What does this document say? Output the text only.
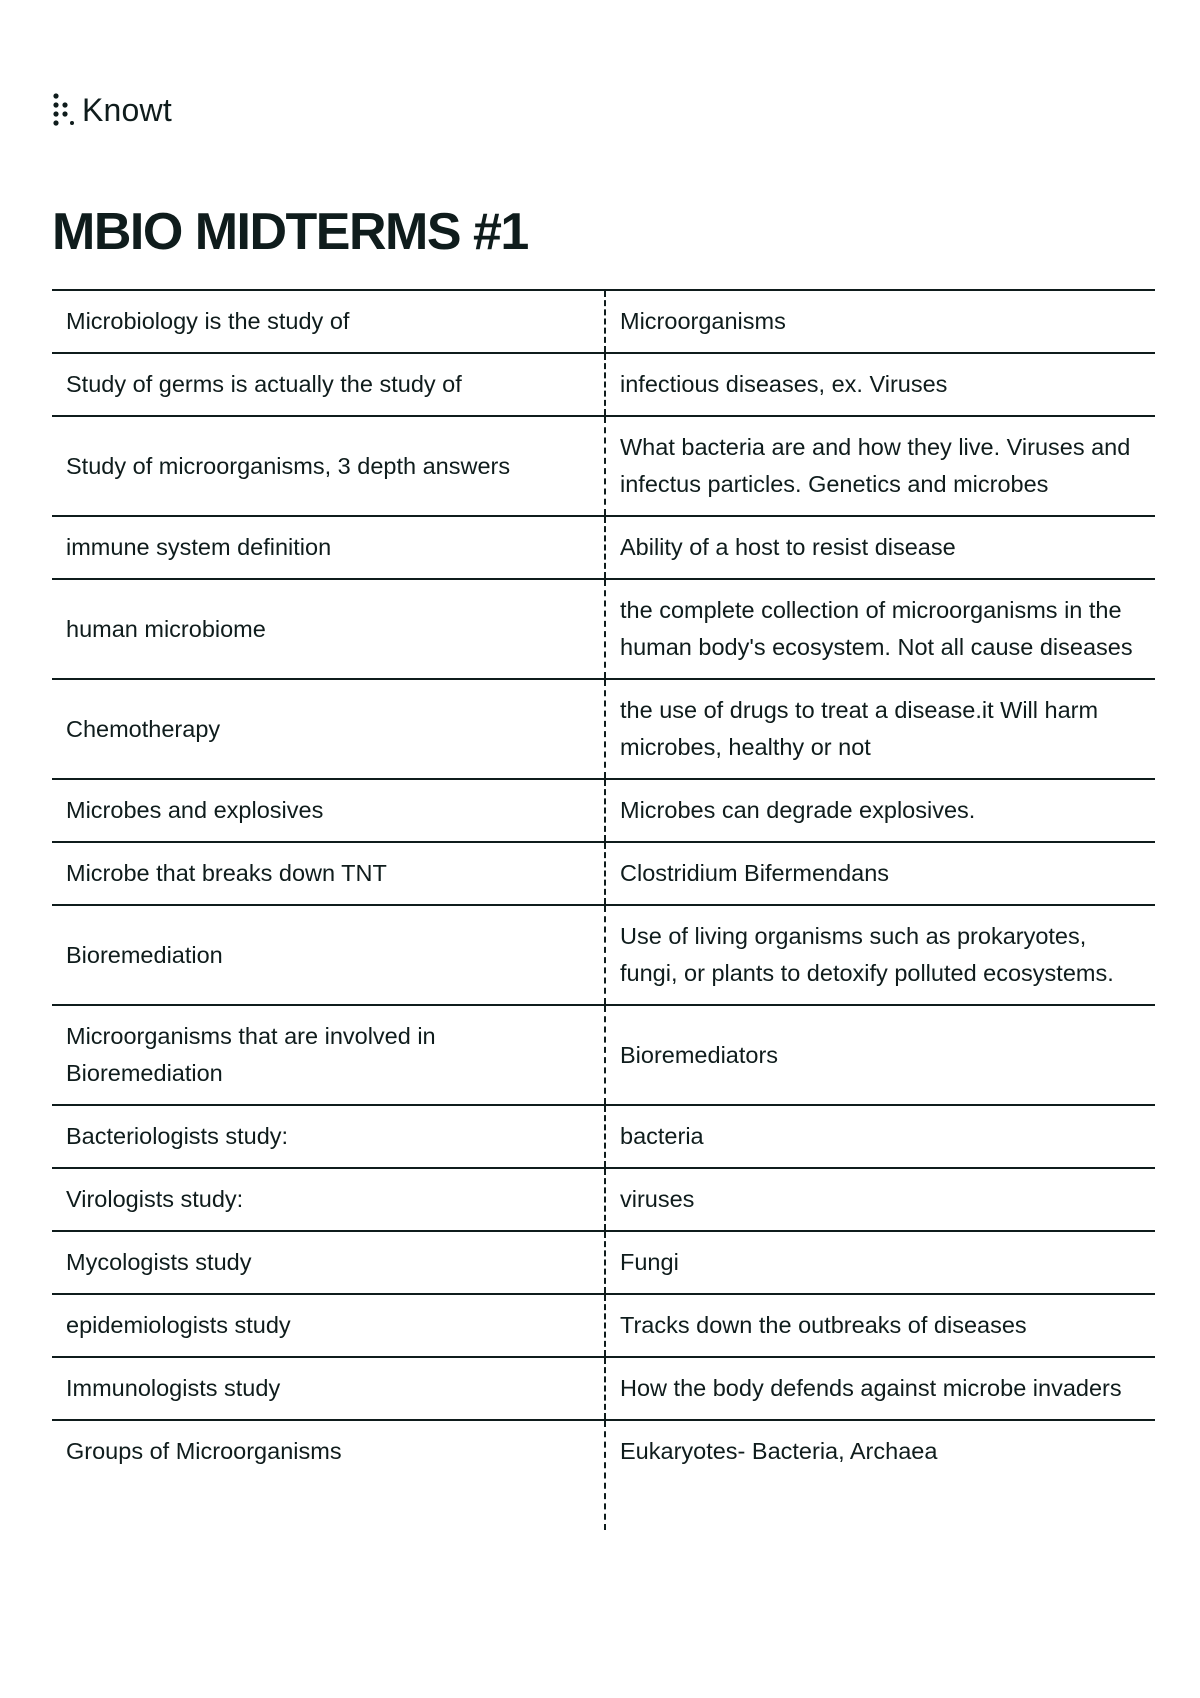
Knowt
MBIO MIDTERMS #1
Microbiology is the study of	Microorganisms
Study of germs is actually the study of	infectious diseases, ex. Viruses
Study of microorganisms, 3 depth answers	What bacteria are and how they live. Viruses and infectus particles. Genetics and microbes
immune system definition	Ability of a host to resist disease
human microbiome	the complete collection of microorganisms in the human body's ecosystem. Not all cause diseases
Chemotherapy	the use of drugs to treat a disease.it Will harm microbes, healthy or not
Microbes and explosives	Microbes can degrade explosives.
Microbe that breaks down TNT	Clostridium Bifermendans
Bioremediation	Use of living organisms such as prokaryotes, fungi, or plants to detoxify polluted ecosystems.
Microorganisms that are involved in Bioremediation	Bioremediators
Bacteriologists study:	bacteria
Virologists study:	viruses
Mycologists study	Fungi
epidemiologists study	Tracks down the outbreaks of diseases
Immunologists study	How the body defends against microbe invaders
Groups of Microorganisms	Eukaryotes- Bacteria, Archaea
